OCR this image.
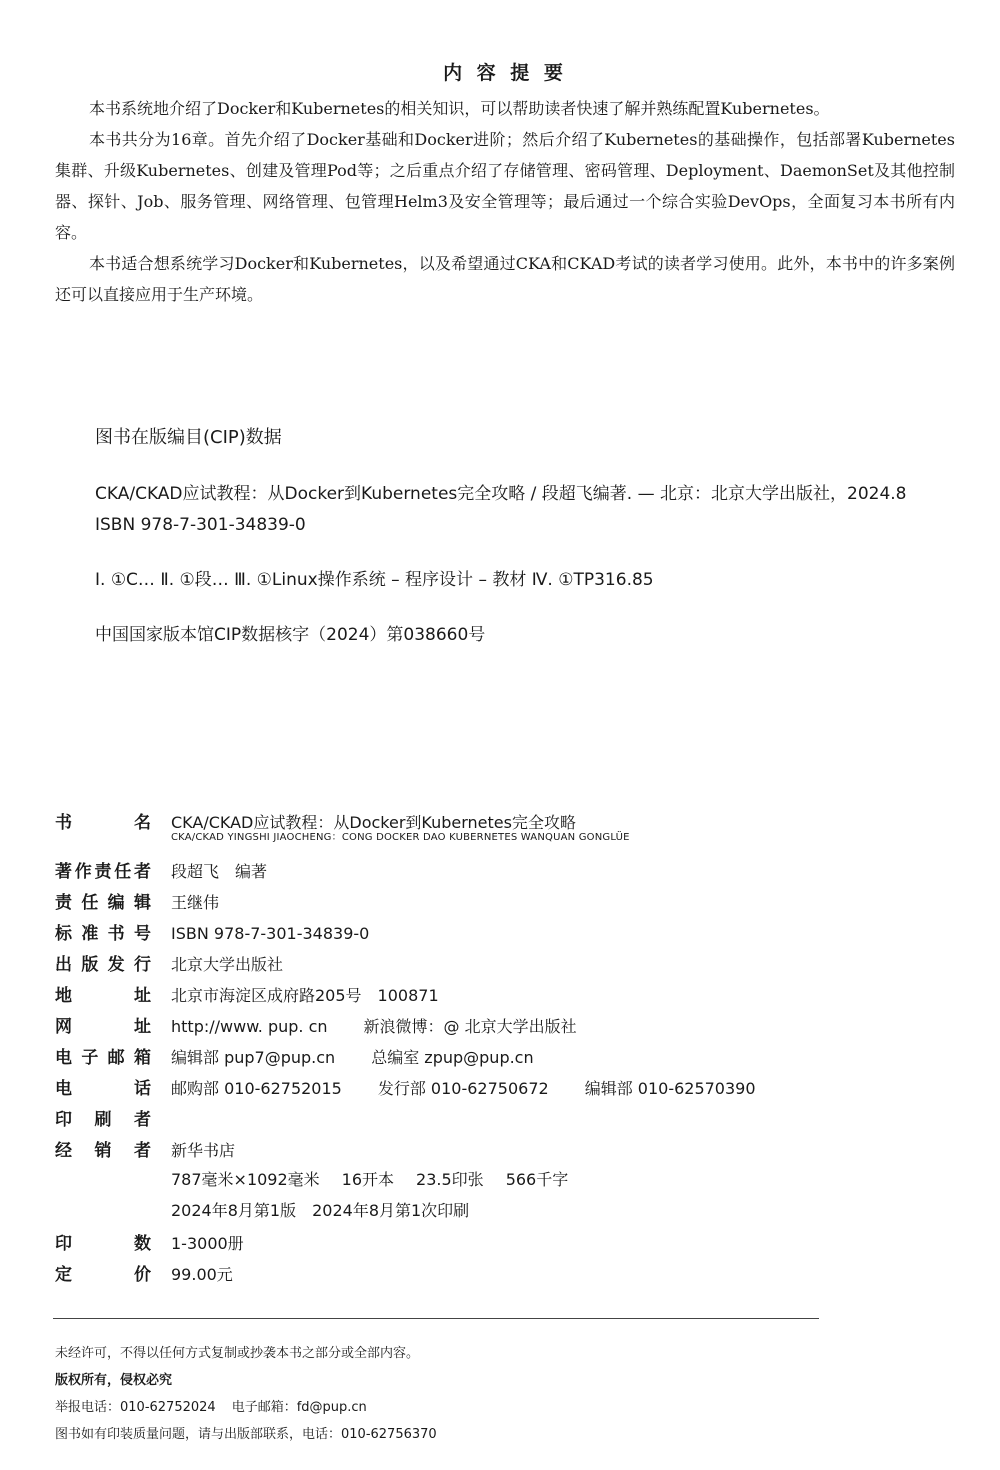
内 容 提 要

本书系统地介绍了Docker和Kubernetes的相关知识，可以帮助读者快速了解并熟练配置Kubernetes。

本书共分为16章。首先介绍了Docker基础和Docker进阶；然后介绍了Kubernetes的基础操作，包括部署Kubernetes集群、升级Kubernetes、创建及管理Pod等；之后重点介绍了存储管理、密码管理、Deployment、DaemonSet及其他控制器、探针、Job、服务管理、网络管理、包管理Helm3及安全管理等；最后通过一个综合实验DevOps，全面复习本书所有内容。

本书适合想系统学习Docker和Kubernetes，以及希望通过CKA和CKAD考试的读者学习使用。此外，本书中的许多案例还可以直接应用于生产环境。

图书在版编目(CIP)数据

CKA/CKAD应试教程：从Docker到Kubernetes完全攻略 / 段超飞编著. — 北京：北京大学出版社，2024.8

ISBN 978-7-301-34839-0

Ⅰ. ①C… Ⅱ. ①段… Ⅲ. ①Linux操作系统 – 程序设计 – 教材 Ⅳ. ①TP316.85

中国国家版本馆CIP数据核字（2024）第038660号

书	名 CKA/CKAD应试教程：从Docker到Kubernetes完全攻略
CKA/CKAD YINGSHI JIAOCHENG：CONG DOCKER DAO KUBERNETES WANQUAN GONGLÜE
著 作 责 任 者 段超飞　编著
责 任 编 辑 王继伟
标 准 书 号 ISBN 978-7-301-34839-0
出 版 发 行 北京大学出版社
地	址 北京市海淀区成府路205号　100871
网	址 http://www. pup. cn 新浪微博：@ 北京大学出版社
电 子 邮 箱 编辑部 pup7@pup.cn 总编室 zpup@pup.cn
电	话 邮购部 010-62752015 发行部 010-62750672 编辑部 010-62570390
印 刷 者
经 销 者 新华书店
787毫米×1092毫米 16开本 23.5印张 566千字
2024年8月第1版 2024年8月第1次印刷
印	数 1-3000册
定	价 99.00元

未经许可，不得以任何方式复制或抄袭本书之部分或全部内容。

版权所有，侵权必究

举报电话：010-62752024 电子邮箱：fd@pup.cn

图书如有印装质量问题，请与出版部联系，电话：010-62756370
